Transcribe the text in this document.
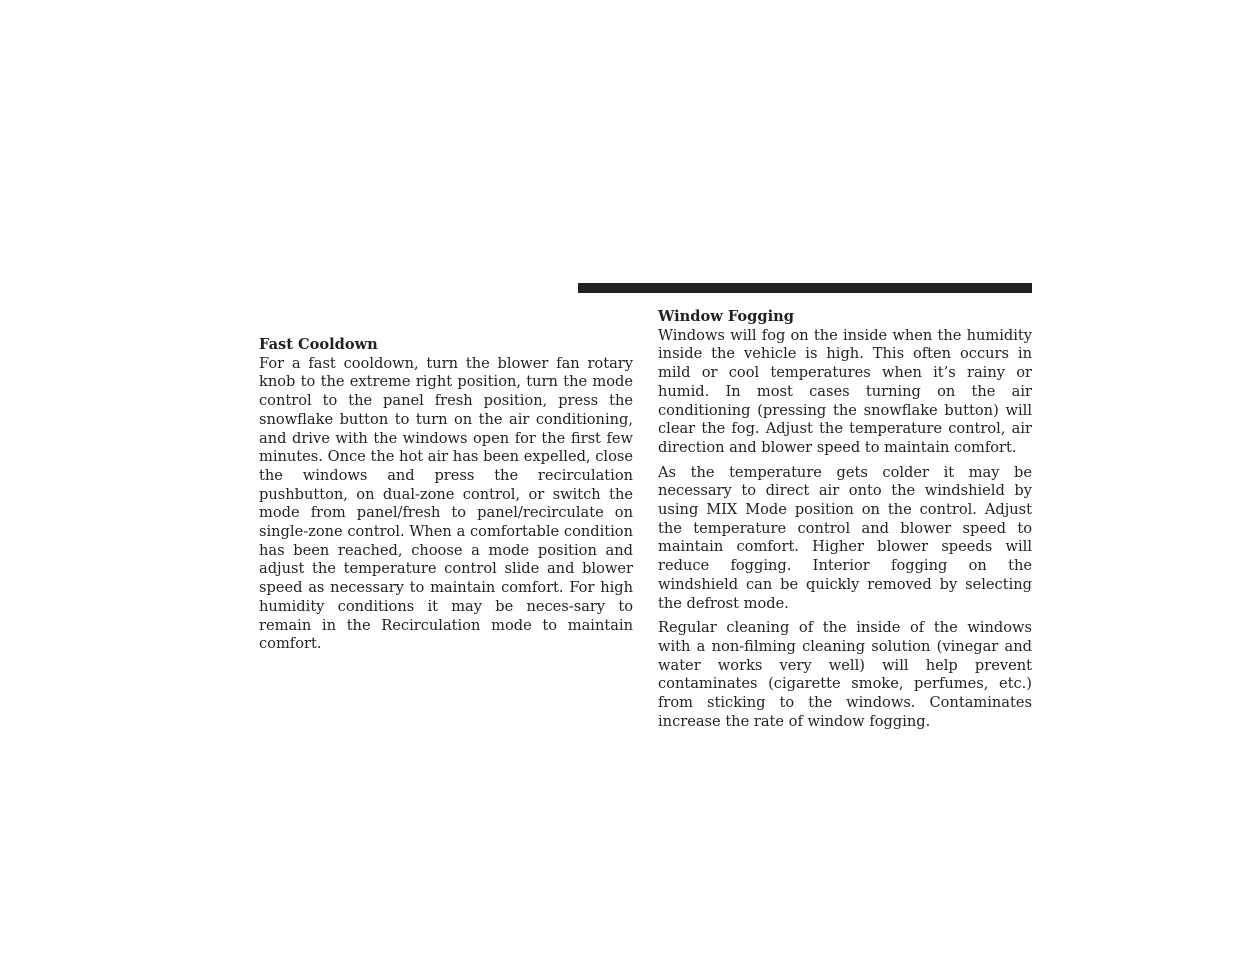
Fast Cooldown

For a fast cooldown, turn the blower fan rotary knob to the extreme right position, turn the mode control to the panel fresh position, press the snowflake button to turn on the air conditioning, and drive with the windows open for the first few minutes. Once the hot air has been expelled, close the windows and press the recirculation pushbutton, on dual-zone control, or switch the mode from panel/fresh to panel/recirculate on single-zone control. When a comfortable condition has been reached, choose a mode position and adjust the temperature control slide and blower speed as necessary to maintain comfort. For high humidity conditions it may be neces-sary to remain in the Recirculation mode to maintain comfort.

Window Fogging

Windows will fog on the inside when the humidity inside the vehicle is high. This often occurs in mild or cool temperatures when it’s rainy or humid. In most cases turning on the air conditioning (pressing the snowflake button) will clear the fog. Adjust the temperature control, air direction and blower speed to maintain comfort.

As the temperature gets colder it may be necessary to direct air onto the windshield by using MIX Mode position on the control. Adjust the temperature control and blower speed to maintain comfort. Higher blower speeds will reduce fogging. Interior fogging on the windshield can be quickly removed by selecting the defrost mode.

Regular cleaning of the inside of the windows with a non-filming cleaning solution (vinegar and water works very well) will help prevent contaminates (cigarette smoke, perfumes, etc.) from sticking to the windows. Contaminates increase the rate of window fogging.
